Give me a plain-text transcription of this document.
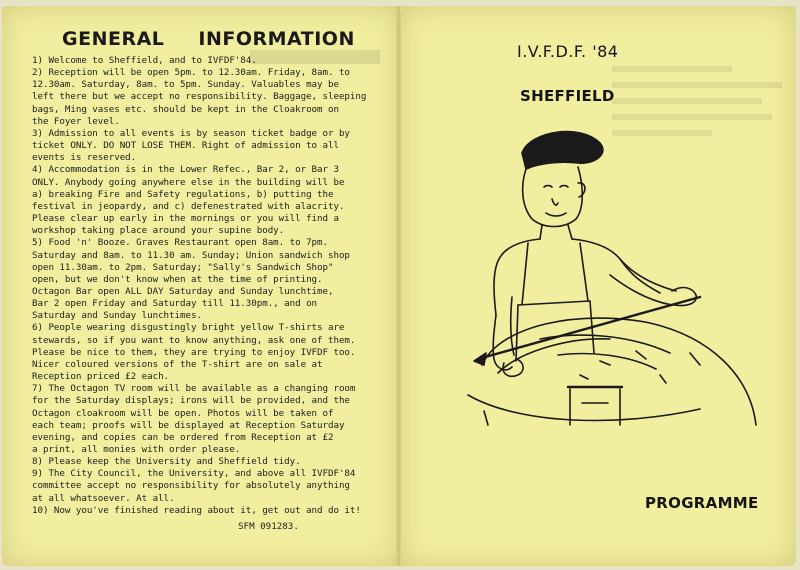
GENERAL INFORMATION

1) Welcome to Sheffield, and to IVFDF'84.

2) Reception will be open 5pm. to 12.30am. Friday, 8am. to
12.30am. Saturday, 8am. to 5pm. Sunday. Valuables may be
left there but we accept no responsibility. Baggage, sleeping
bags, Ming vases etc. should be kept in the Cloakroom on
the Foyer level.

3) Admission to all events is by season ticket badge or by
ticket ONLY. DO NOT LOSE THEM. Right of admission to all
events is reserved.

4) Accommodation is in the Lower Refec., Bar 2, or Bar 3
ONLY. Anybody going anywhere else in the building will be
a) breaking Fire and Safety regulations, b) putting the
festival in jeopardy, and c) defenestrated with alacrity.
Please clear up early in the mornings or you will find a
workshop taking place around your supine body.

5) Food 'n' Booze. Graves Restaurant open 8am. to 7pm.
Saturday and 8am. to 11.30 am. Sunday; Union sandwich shop
open 11.30am. to 2pm. Saturday; "Sally's Sandwich Shop"
open, but we don't know when at the time of printing.
Octagon Bar open ALL DAY Saturday and Sunday lunchtime,
Bar 2 open Friday and Saturday till 11.30pm., and on
Saturday and Sunday lunchtimes.

6) People wearing disgustingly bright yellow T-shirts are
stewards, so if you want to know anything, ask one of them.
Please be nice to them, they are trying to enjoy IVFDF too.
Nicer coloured versions of the T-shirt are on sale at
Reception priced £2 each.

7) The Octagon TV room will be available as a changing room
for the Saturday displays; irons will be provided, and the
Octagon cloakroom will be open. Photos will be taken of
each team; proofs will be displayed at Reception Saturday
evening, and copies can be ordered from Reception at £2
a print, all monies with order please.

8) Please keep the University and Sheffield tidy.

9) The City Council, the University, and above all IVFDF'84
committee accept no responsibility for absolutely anything
at all whatsoever. At all.

10) Now you've finished reading about it, get out and do it!

SFM 091283.
I.V.F.D.F. '84
SHEFFIELD
PROGRAMME
